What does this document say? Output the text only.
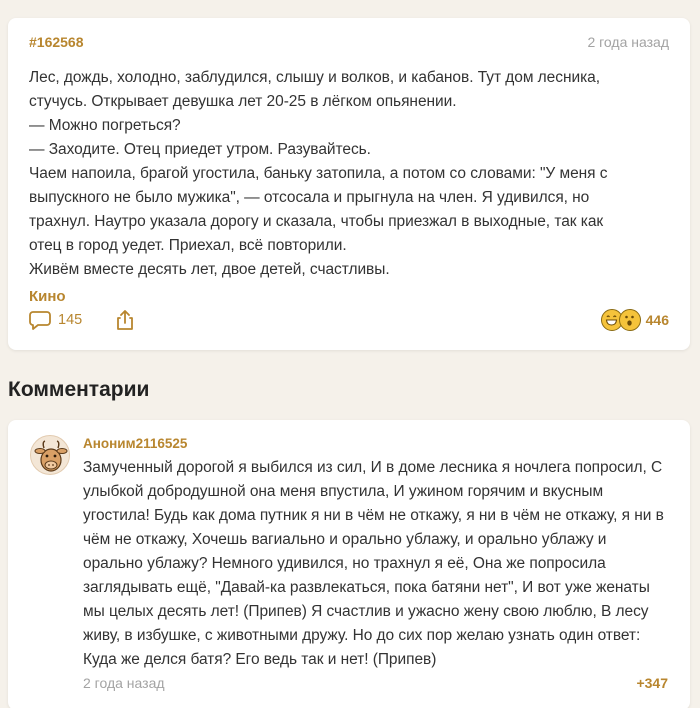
#162568	2 года назад
Лес, дождь, холодно, заблудился, слышу и волков, и кабанов. Тут дом лесника,
стучусь. Открывает девушка лет 20-25 в лёгком опьянении.
— Можно погреться?
— Заходите. Отец приедет утром. Разувайтесь.
Чаем напоила, брагой угостила, баньку затопила, а потом со словами: "У меня с
выпускного не было мужика", — отсосала и прыгнула на член. Я удивился, но
трахнул. Наутро указала дорогу и сказала, чтобы приезжал в выходные, так как
отец в город уедет. Приехал, всё повторили.
Живём вместе десять лет, двое детей, счастливы.
Кино
145	446
Комментарии
Аноним2116525
Замученный дорогой я выбился из сил, И в доме лесника я ночлега попросил, С улыбкой добродушной она меня впустила, И ужином горячим и вкусным угостила! Будь как дома путник я ни в чём не откажу, я ни в чём не откажу, я ни в чём не откажу, Хочешь вагиально и орально ублажу, и орально ублажу и орально ублажу? Немного удивился, но трахнул я её, Она же попросила заглядывать ещё, "Давай-ка развлекаться, пока батяни нет", И вот уже женаты мы целых десять лет! (Припев) Я счастлив и ужасно жену свою люблю, В лесу живу, в избушке, с животными дружу. Но до сих пор желаю узнать один ответ: Куда же делся батя? Его ведь так и нет! (Припев)
2 года назад	+347
